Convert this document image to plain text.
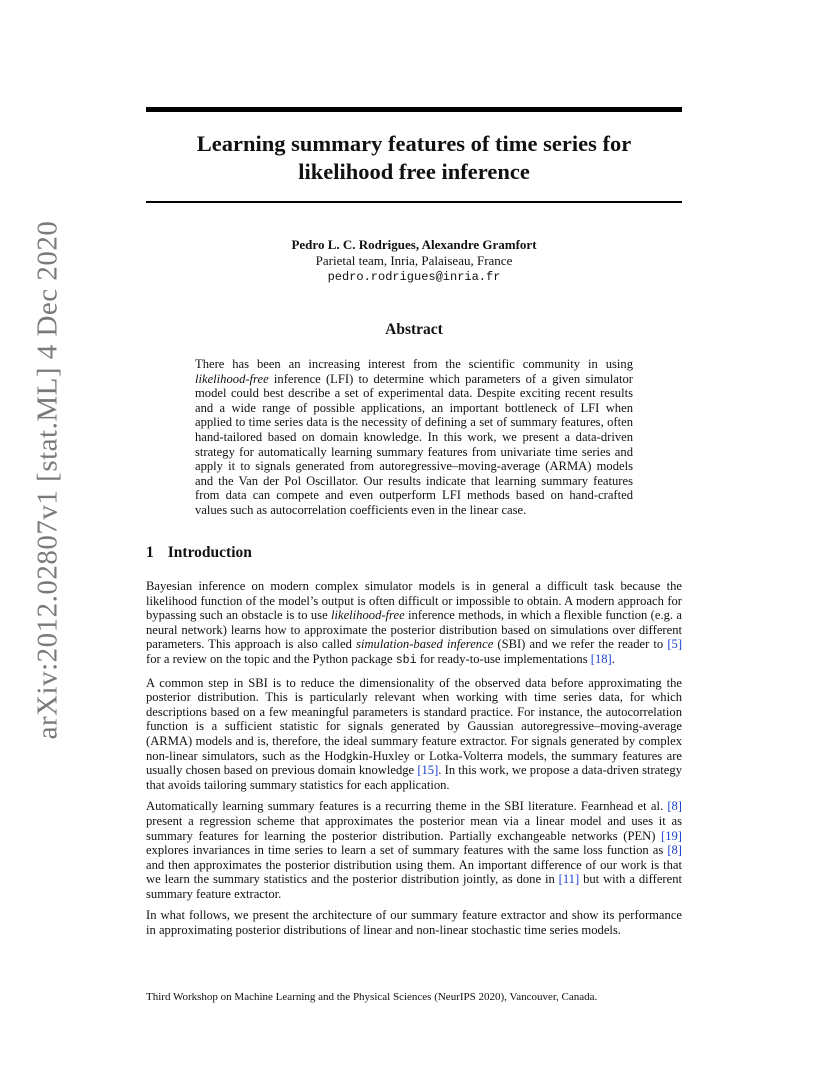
arXiv:2012.02807v1 [stat.ML] 4 Dec 2020
Learning summary features of time series for
likelihood free inference
Pedro L. C. Rodrigues, Alexandre Gramfort
Parietal team, Inria, Palaiseau, France
pedro.rodrigues@inria.fr
Abstract
There has been an increasing interest from the scientific community in using likelihood-free inference (LFI) to determine which parameters of a given simulator model could best describe a set of experimental data. Despite exciting recent results and a wide range of possible applications, an important bottleneck of LFI when applied to time series data is the necessity of defining a set of summary features, often hand-tailored based on domain knowledge. In this work, we present a data-driven strategy for automatically learning summary features from univariate time series and apply it to signals generated from autoregressive–moving-average (ARMA) models and the Van der Pol Oscillator. Our results indicate that learning summary features from data can compete and even outperform LFI methods based on hand-crafted values such as autocorrelation coefficients even in the linear case.
1 Introduction

Bayesian inference on modern complex simulator models is in general a difficult task because the likelihood function of the model’s output is often difficult or impossible to obtain. A modern approach for bypassing such an obstacle is to use likelihood-free inference methods, in which a flexible function (e.g. a neural network) learns how to approximate the posterior distribution based on simulations over different parameters. This approach is also called simulation-based inference (SBI) and we refer the reader to [5] for a review on the topic and the Python package sbi for ready-to-use implementations [18].

A common step in SBI is to reduce the dimensionality of the observed data before approximating the posterior distribution. This is particularly relevant when working with time series data, for which descriptions based on a few meaningful parameters is standard practice. For instance, the autocorrelation function is a sufficient statistic for signals generated by Gaussian autoregressive–moving-average (ARMA) models and is, therefore, the ideal summary feature extractor. For signals generated by complex non-linear simulators, such as the Hodgkin-Huxley or Lotka-Volterra models, the summary features are usually chosen based on previous domain knowledge [15]. In this work, we propose a data-driven strategy that avoids tailoring summary statistics for each application.

Automatically learning summary features is a recurring theme in the SBI literature. Fearnhead et al. [8] present a regression scheme that approximates the posterior mean via a linear model and uses it as summary features for learning the posterior distribution. Partially exchangeable networks (PEN) [19] explores invariances in time series to learn a set of summary features with the same loss function as [8] and then approximates the posterior distribution using them. An important difference of our work is that we learn the summary statistics and the posterior distribution jointly, as done in [11] but with a different summary feature extractor.

In what follows, we present the architecture of our summary feature extractor and show its performance in approximating posterior distributions of linear and non-linear stochastic time series models.

Third Workshop on Machine Learning and the Physical Sciences (NeurIPS 2020), Vancouver, Canada.
